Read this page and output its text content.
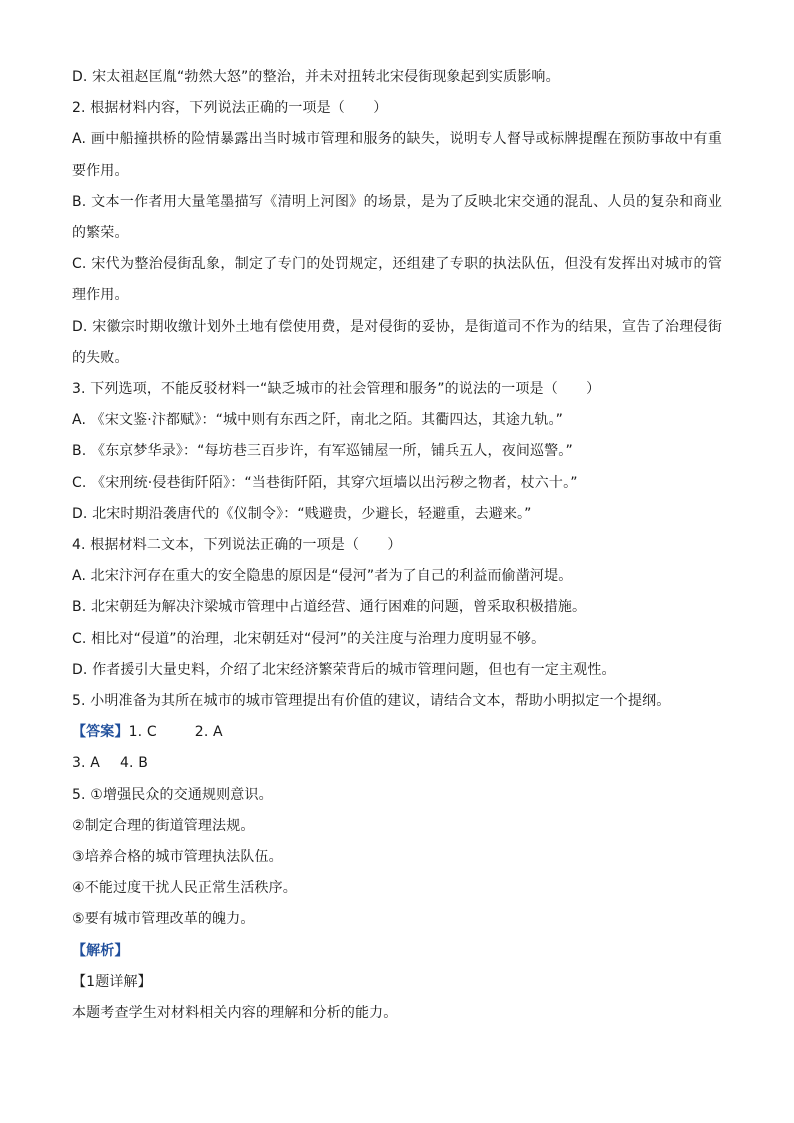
D. 宋太祖赵匡胤“勃然大怒”的整治，并未对扭转北宋侵街现象起到实质影响。

2. 根据材料内容，下列说法正确的一项是（　　）

A. 画中船撞拱桥的险情暴露出当时城市管理和服务的缺失，说明专人督导或标牌提醒在预防事故中有重要作用。

B. 文本一作者用大量笔墨描写《清明上河图》的场景，是为了反映北宋交通的混乱、人员的复杂和商业的繁荣。

C. 宋代为整治侵街乱象，制定了专门的处罚规定，还组建了专职的执法队伍，但没有发挥出对城市的管理作用。

D. 宋徽宗时期收缴计划外土地有偿使用费，是对侵街的妥协，是街道司不作为的结果，宣告了治理侵街的失败。

3. 下列选项，不能反驳材料一“缺乏城市的社会管理和服务”的说法的一项是（　　）

A. 《宋文鉴·汴都赋》：“城中则有东西之阡，南北之陌。其衢四达，其途九轨。”

B. 《东京梦华录》：“每坊巷三百步许，有军巡铺屋一所，铺兵五人，夜间巡警。”

C. 《宋刑统·侵巷街阡陌》：“当巷街阡陌，其穿穴垣墙以出污秽之物者，杖六十。”

D. 北宋时期沿袭唐代的《仪制令》：“贱避贵，少避长，轻避重，去避来。”

4. 根据材料二文本，下列说法正确的一项是（　　）

A. 北宋汴河存在重大的安全隐患的原因是“侵河”者为了自己的利益而偷凿河堤。

B. 北宋朝廷为解决汴梁城市管理中占道经营、通行困难的问题，曾采取积极措施。

C. 相比对“侵道”的治理，北宋朝廷对“侵河”的关注度与治理力度明显不够。

D. 作者援引大量史料，介绍了北宋经济繁荣背后的城市管理问题，但也有一定主观性。

5. 小明准备为其所在城市的城市管理提出有价值的建议，请结合文本，帮助小明拟定一个提纲。

【答案】1. C	2. A

3. A 4. B

5. ①增强民众的交通规则意识。

②制定合理的街道管理法规。

③培养合格的城市管理执法队伍。

④不能过度干扰人民正常生活秩序。

⑤要有城市管理改革的魄力。

【解析】

【1题详解】

本题考查学生对材料相关内容的理解和分析的能力。
